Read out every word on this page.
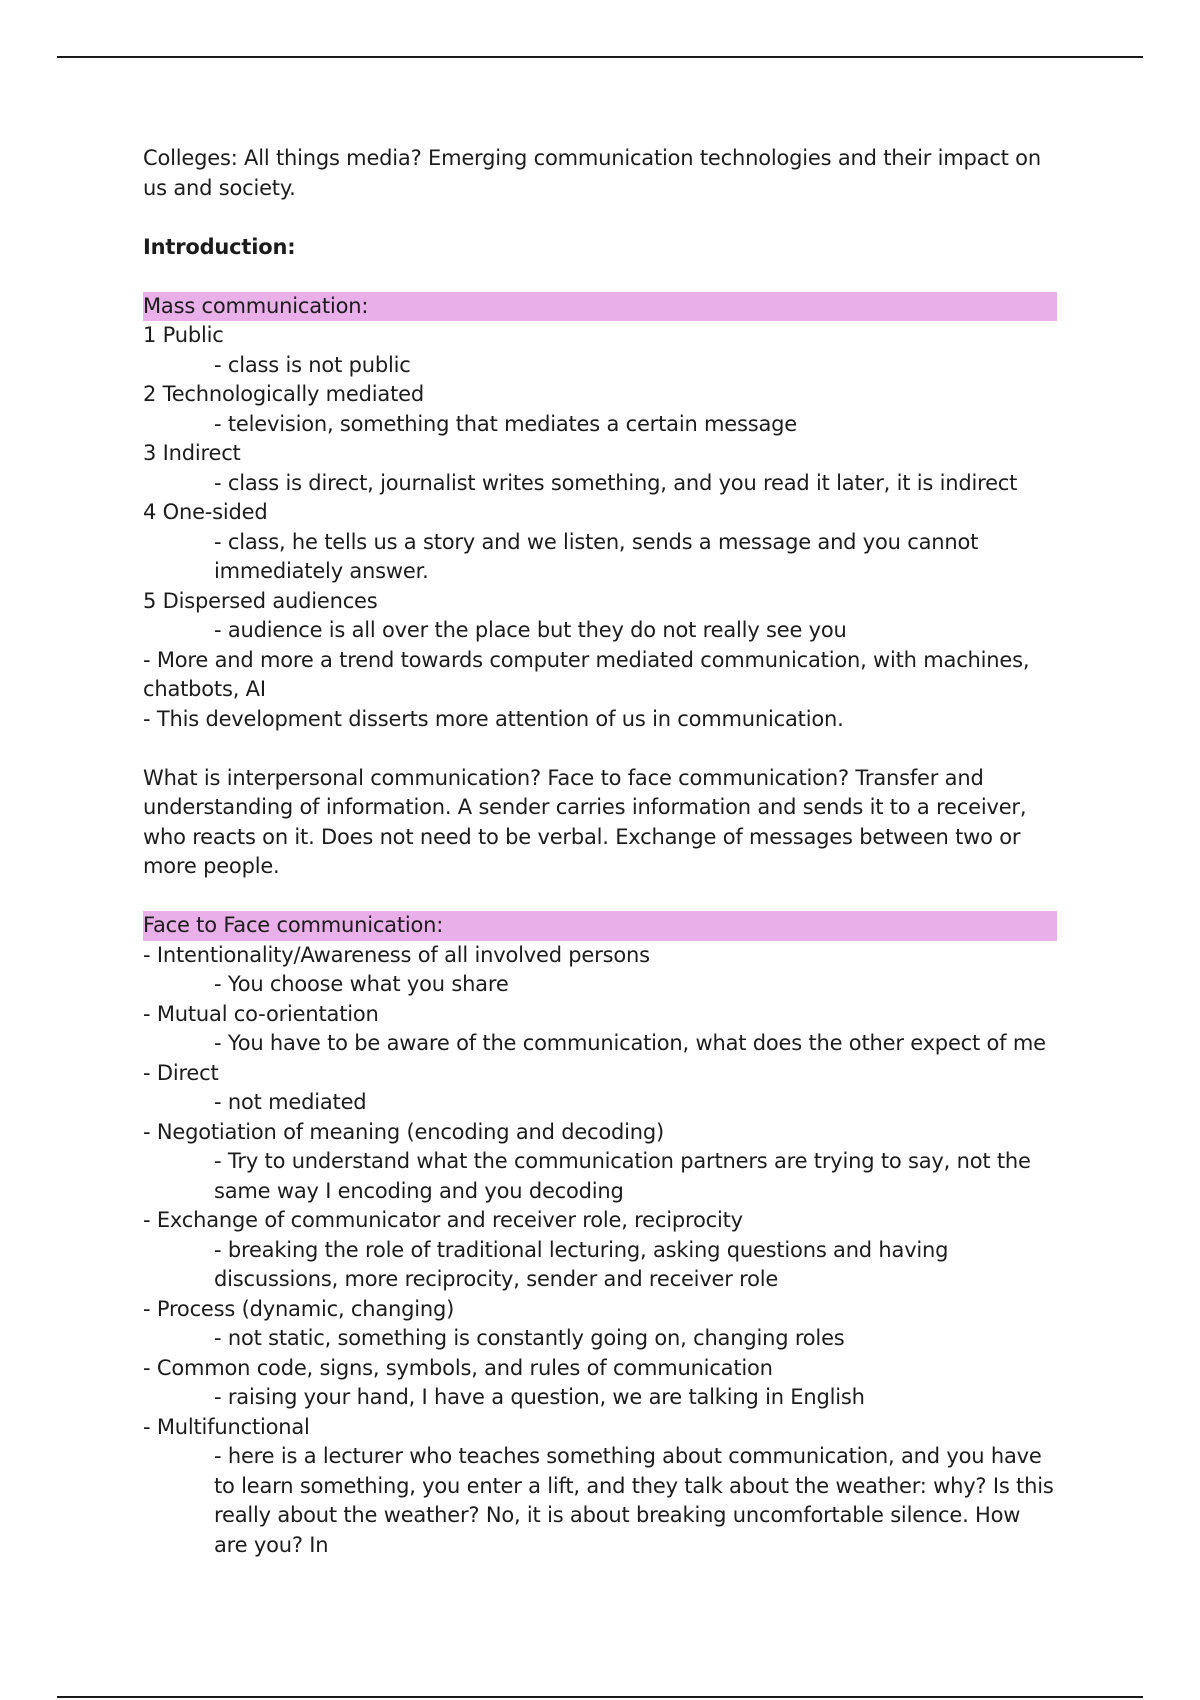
Colleges: All things media? Emerging communication technologies and their impact on us and society.

Introduction:

Mass communication:

1 Public

- class is not public

2 Technologically mediated

- television, something that mediates a certain message

3 Indirect

- class is direct, journalist writes something, and you read it later, it is indirect

4 One-sided

- class, he tells us a story and we listen, sends a message and you cannot immediately answer.

5 Dispersed audiences

- audience is all over the place but they do not really see you

- More and more a trend towards computer mediated communication, with machines, chatbots, AI

- This development disserts more attention of us in communication.

What is interpersonal communication? Face to face communication? Transfer and understanding of information. A sender carries information and sends it to a receiver, who reacts on it. Does not need to be verbal. Exchange of messages between two or more people.

Face to Face communication:

- Intentionality/Awareness of all involved persons

- You choose what you share

- Mutual co-orientation

- You have to be aware of the communication, what does the other expect of me

- Direct

- not mediated

- Negotiation of meaning (encoding and decoding)

- Try to understand what the communication partners are trying to say, not the same way I encoding and you decoding

- Exchange of communicator and receiver role, reciprocity

- breaking the role of traditional lecturing, asking questions and having discussions, more reciprocity, sender and receiver role

- Process (dynamic, changing)

- not static, something is constantly going on, changing roles

- Common code, signs, symbols, and rules of communication

- raising your hand, I have a question, we are talking in English

- Multifunctional

- here is a lecturer who teaches something about communication, and you have to learn something, you enter a lift, and they talk about the weather: why? Is this really about the weather? No, it is about breaking uncomfortable silence. How are you? In
